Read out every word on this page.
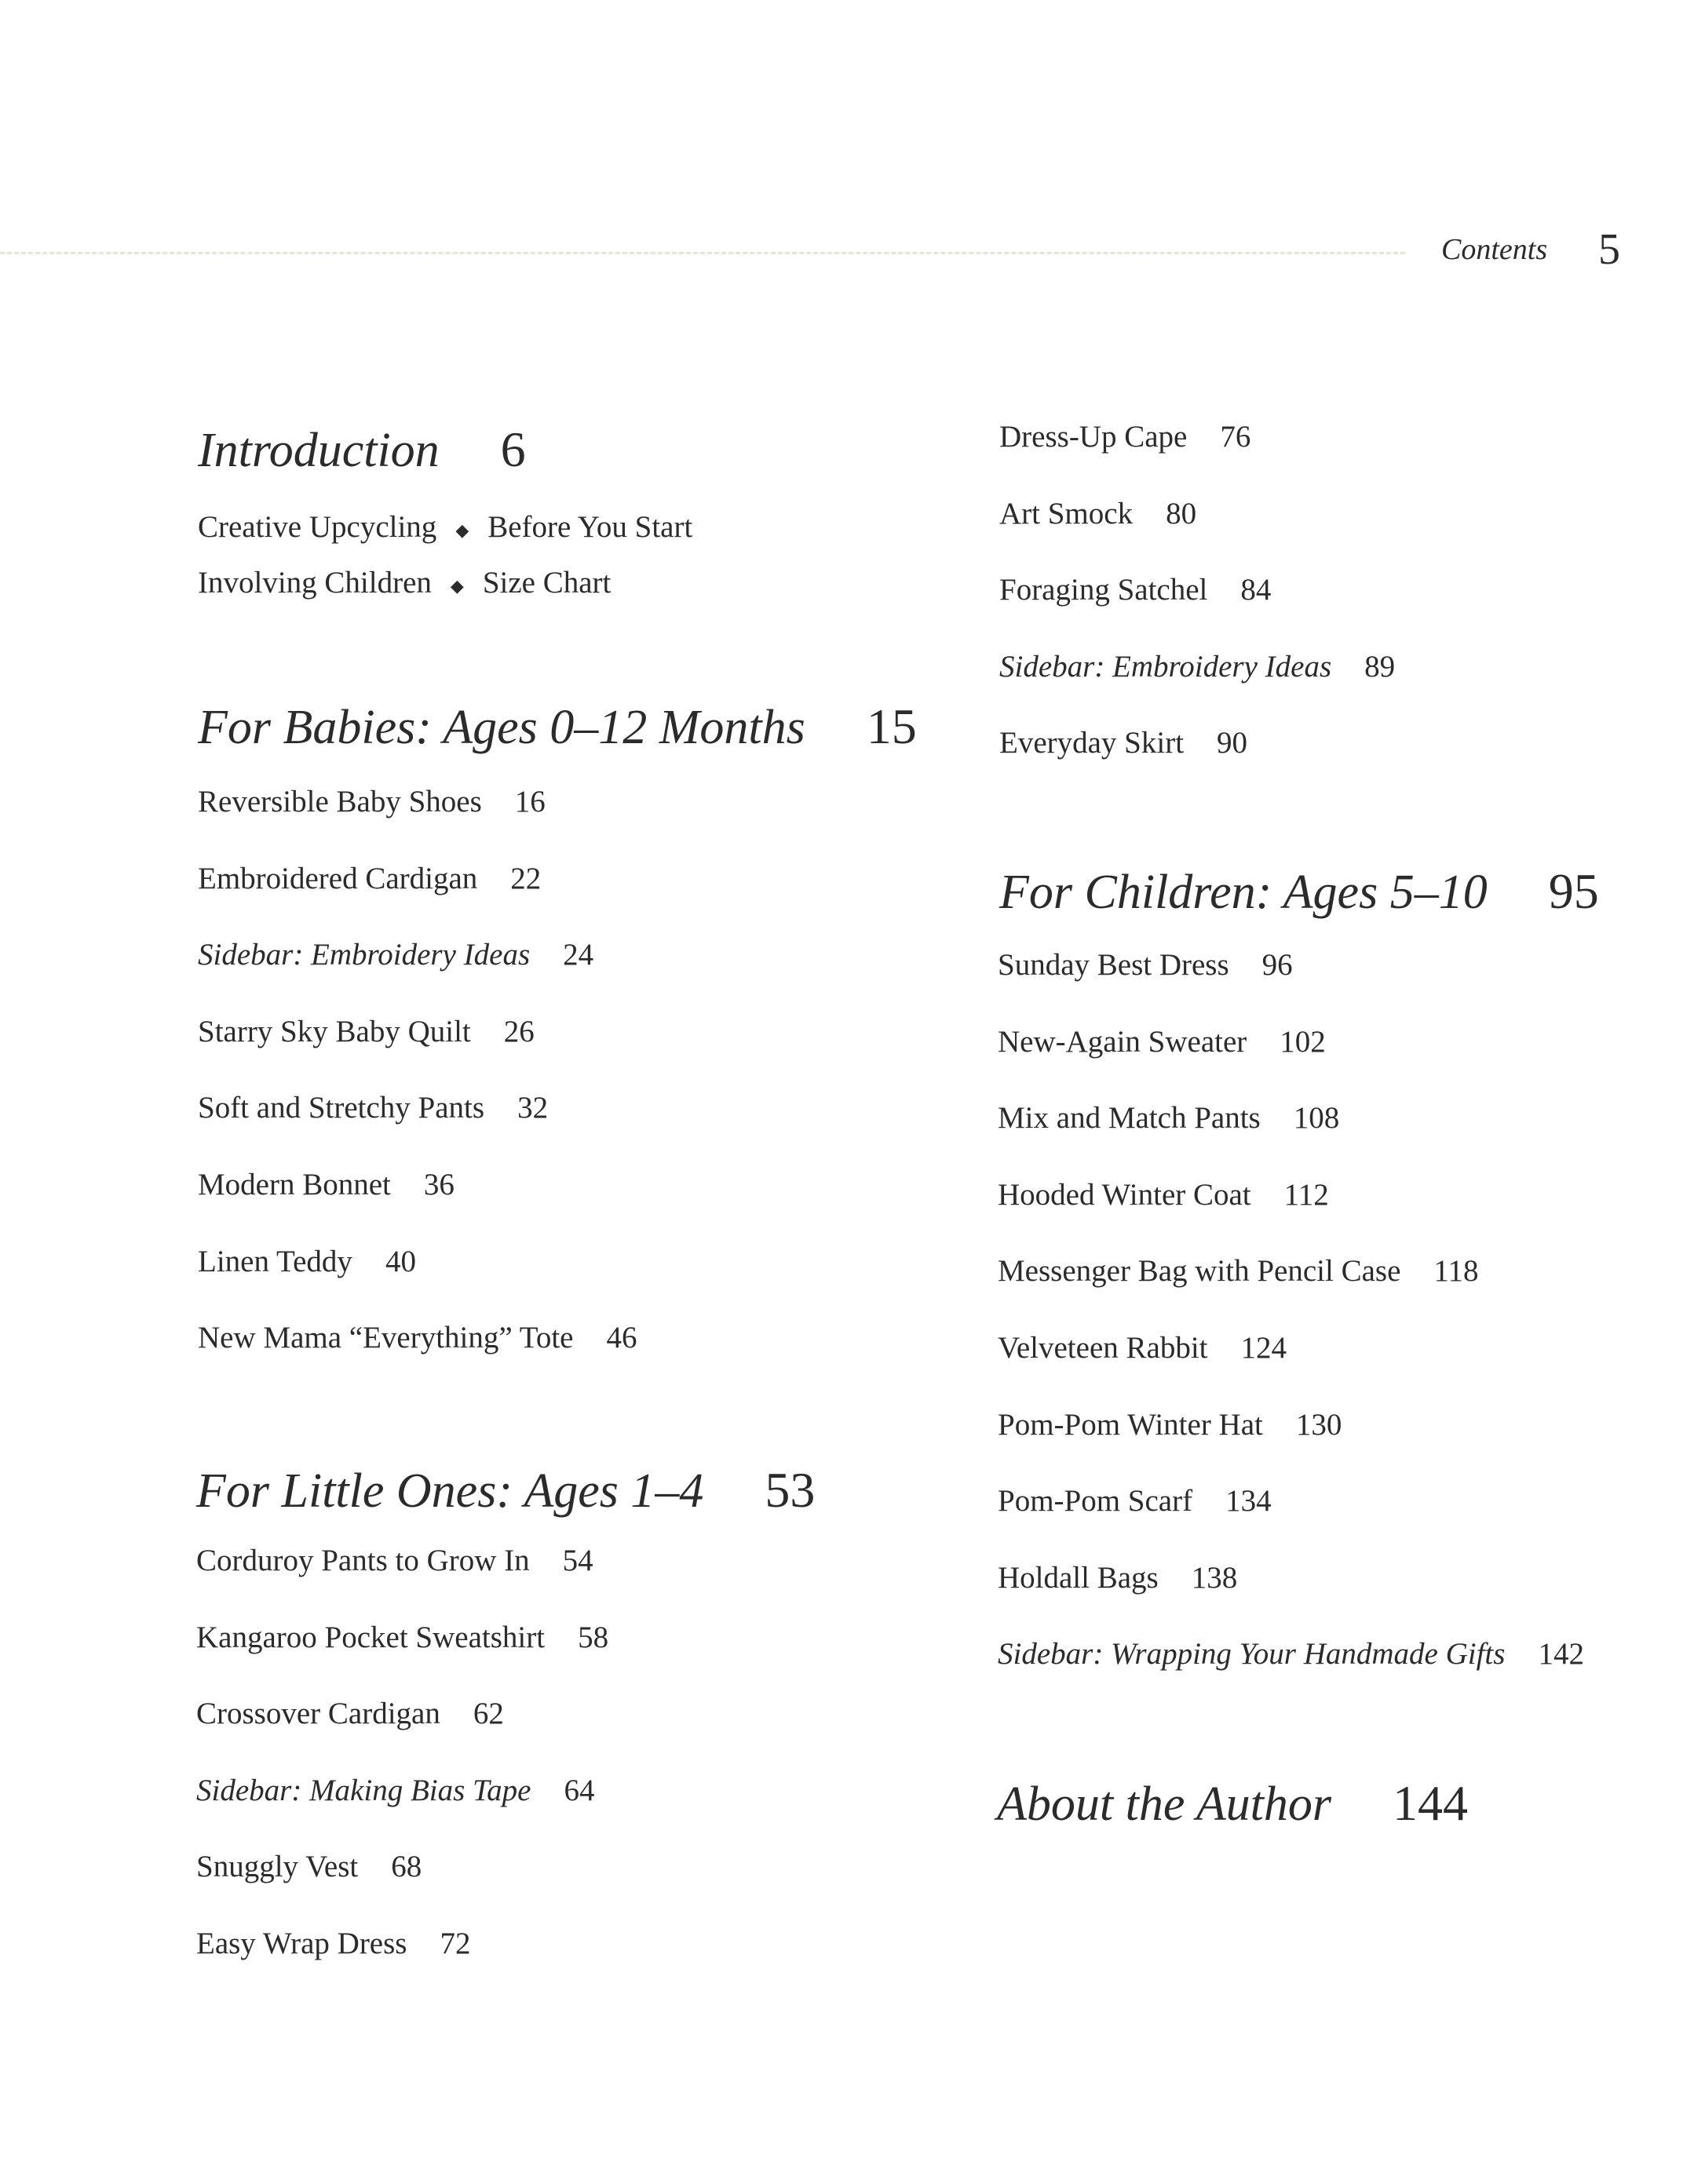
Contents 5
Introduction 6
Creative Upcycling ◆ Before You Start
Involving Children ◆ Size Chart
For Babies: Ages 0–12 Months 15
Reversible Baby Shoes 16
Embroidered Cardigan 22
Sidebar: Embroidery Ideas 24
Starry Sky Baby Quilt 26
Soft and Stretchy Pants 32
Modern Bonnet 36
Linen Teddy 40
New Mama “Everything” Tote 46
For Little Ones: Ages 1–4 53
Corduroy Pants to Grow In 54
Kangaroo Pocket Sweatshirt 58
Crossover Cardigan 62
Sidebar: Making Bias Tape 64
Snuggly Vest 68
Easy Wrap Dress 72
Dress-Up Cape 76
Art Smock 80
Foraging Satchel 84
Sidebar: Embroidery Ideas 89
Everyday Skirt 90
For Children: Ages 5–10 95
Sunday Best Dress 96
New-Again Sweater 102
Mix and Match Pants 108
Hooded Winter Coat 112
Messenger Bag with Pencil Case 118
Velveteen Rabbit 124
Pom-Pom Winter Hat 130
Pom-Pom Scarf 134
Holdall Bags 138
Sidebar: Wrapping Your Handmade Gifts 142
About the Author 144
